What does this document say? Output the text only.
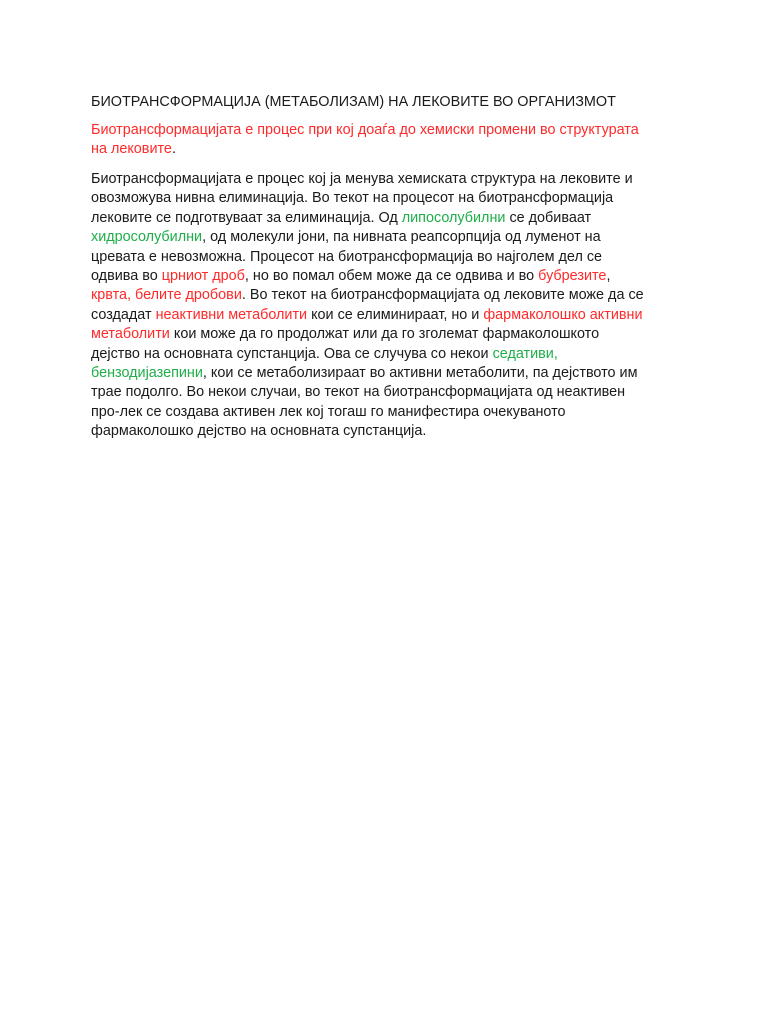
БИОТРАНСФОРМАЦИЈА (МЕТАБОЛИЗАМ) НА ЛЕКОВИТЕ ВО ОРГАНИЗМОТ

Биотрансформацијата е процес при кој доаѓа до хемиски промени во структурата
на лековите.

Биотрансформацијата е процес кој ја менува хемиската структура на лековите и
овозможува нивна елиминација. Во текот на процесот на биотрансформација
лековите се подготвуваат за елиминација. Од липосолубилни се добиваат
хидросолубилни, од молекули јони, па нивната реапсорпција од луменот на
цревата е невозможна. Процесот на биотрансформација во најголем дел се
одвива во црниот дроб, но во помал обем може да се одвива и во бубрезите,
крвта, белите дробови. Во текот на биотрансформацијата од лековите може да се
создадат неактивни метаболити кои се елиминираат, но и фармаколошко активни
метаболити кои може да го продолжат или да го зголемат фармаколошкото
дејство на основната супстанција. Ова се случува со некои седативи,
бензодијазепини, кои се метаболизираат во активни метаболити, па дејството им
трае подолго. Во некои случаи, во текот на биотрансформацијата од неактивен
про-лек се создава активен лек кој тогаш го манифестира очекуваното
фармаколошко дејство на основната супстанција.
